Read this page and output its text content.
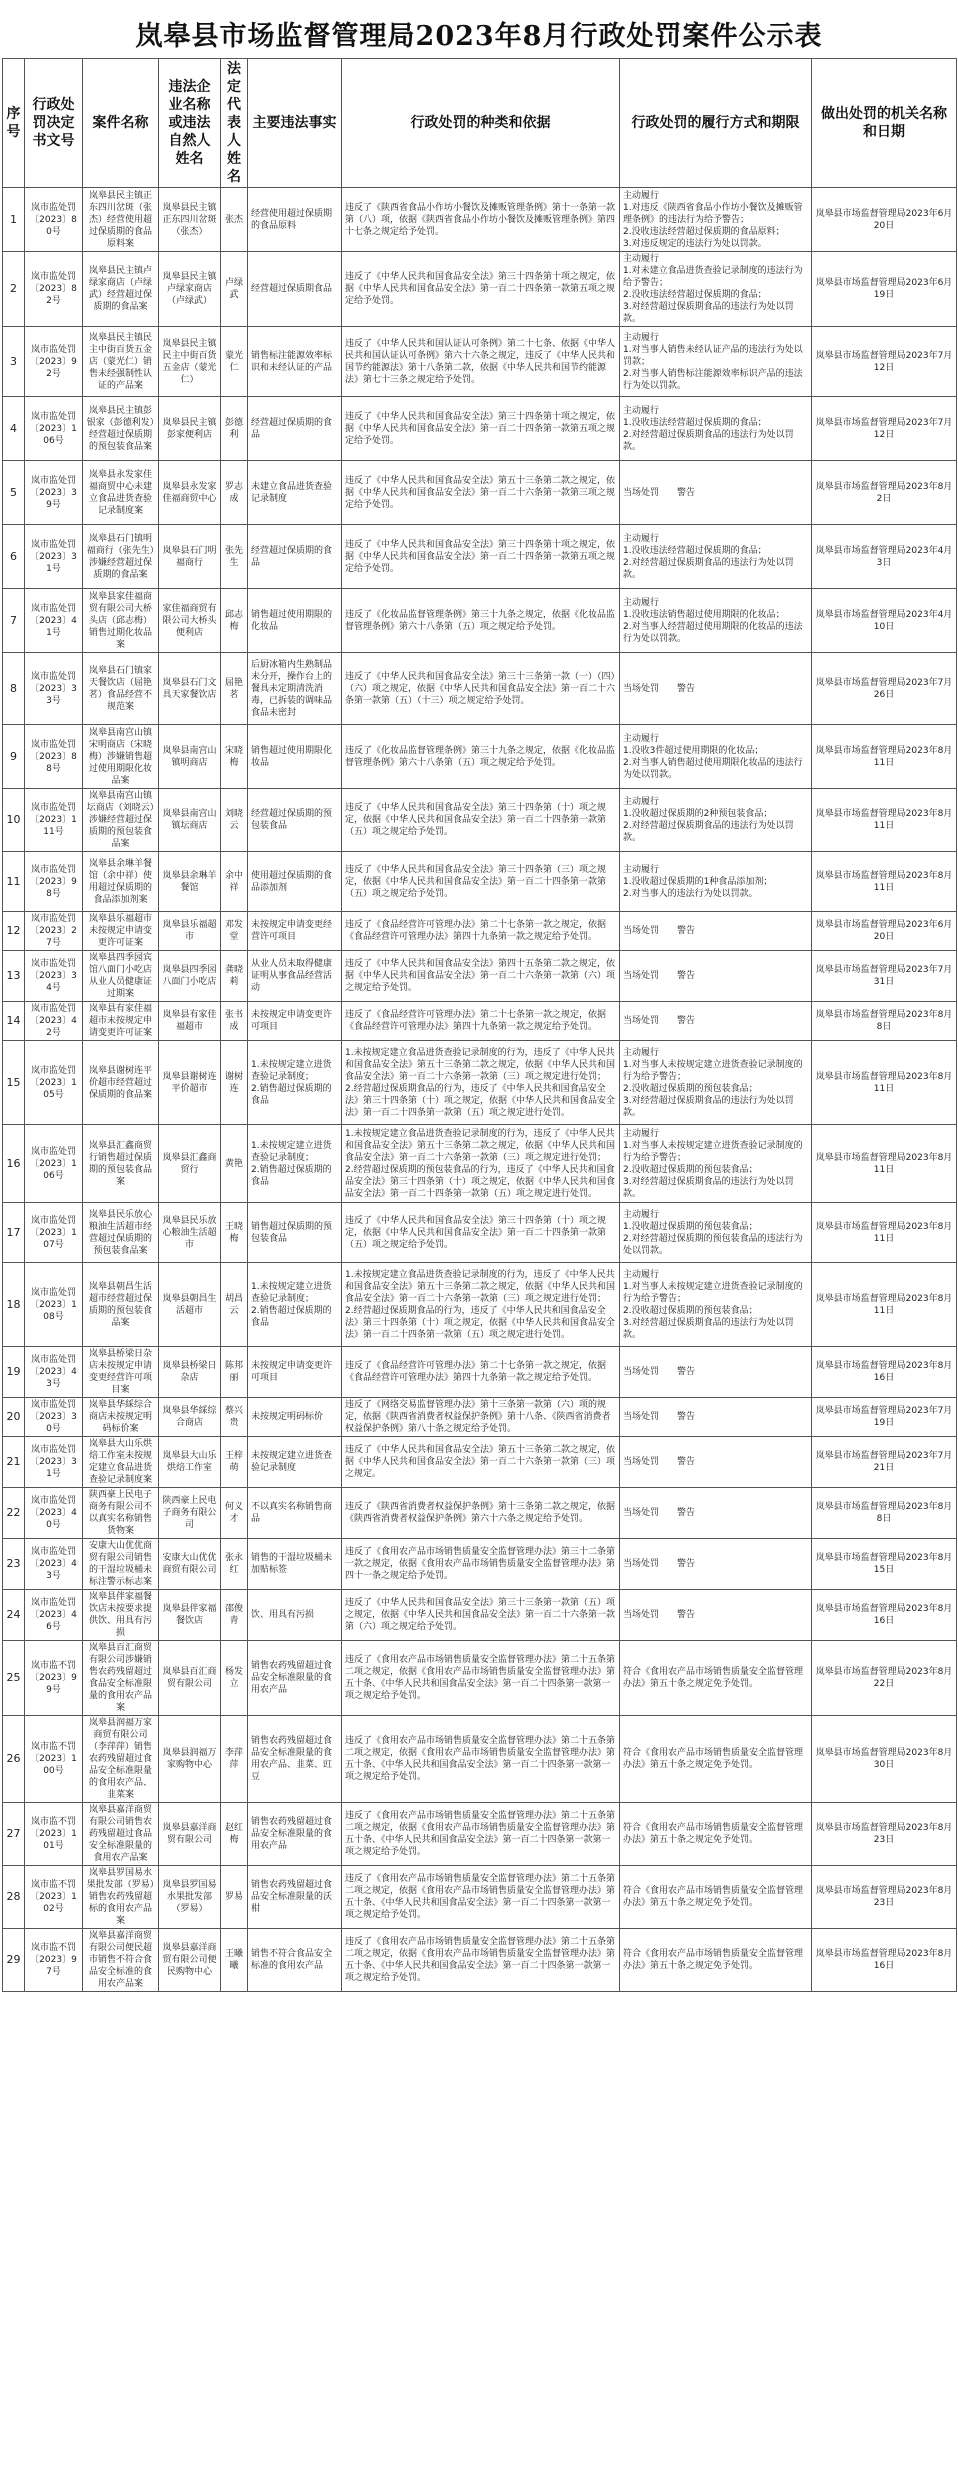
岚皋县市场监督管理局2023年8月行政处罚案件公示表
序号	行政处罚决定书文号	案件名称	违法企业名称或违法自然人姓名	法定代表人姓名	主要违法事实	行政处罚的种类和依据	行政处罚的履行方式和期限	做出处罚的机关名称和日期
1	岚市监处罚〔2023〕80号	岚皋县民主镇正东四川岔斑（张杰）经营使用超过保质期的食品原料案	岚皋县民主镇正东四川岔斑（张杰）	张杰	经营使用超过保质期的食品原料	违反了《陕西省食品小作坊小餐饮及摊贩管理条例》第十一条第一款第（八）项，依据《陕西省食品小作坊小餐饮及摊贩管理条例》第四十七条之规定给予处罚。	主动履行
1.对违反《陕西省食品小作坊小餐饮及摊贩管理条例》的违法行为给予警告；
2.没收违法经营超过保质期的食品原料；
3.对违反规定的违法行为处以罚款。	岚皋县市场监督管理局2023年6月20日
2	岚市监处罚〔2023〕82号	岚皋县民主镇卢绿家商店（卢绿武）经营超过保质期的食品案	岚皋县民主镇卢绿家商店（卢绿武）	卢绿武	经营超过保质期食品	违反了《中华人民共和国食品安全法》第三十四条第十项之规定，依据《中华人民共和国食品安全法》第一百二十四条第一款第五项之规定给予处罚。	主动履行
1.对未建立食品进货查验记录制度的违法行为给予警告；
2.没收违法经营超过保质期的食品；
3.对经营超过保质期食品的违法行为处以罚款。	岚皋县市场监督管理局2023年6月19日
3	岚市监处罚〔2023〕92号	岚皋县民主镇民主中街百货五金店（蒙光仁）销售未经强制性认证的产品案	岚皋县民主镇民主中街百货五金店（蒙光仁）	蒙光仁	销售标注能源效率标识和未经认证的产品	违反了《中华人民共和国认证认可条例》第二十七条、依据《中华人民共和国认证认可条例》第六十六条之规定，违反了《中华人民共和国节约能源法》第十八条第二款，依据《中华人民共和国节约能源法》第七十三条之规定给予处罚。	主动履行
1.对当事人销售未经认证产品的违法行为处以罚款；
2.对当事人销售标注能源效率标识产品的违法行为处以罚款。	岚皋县市场监督管理局2023年7月12日
4	岚市监处罚〔2023〕106号	岚皋县民主镇彭银家（彭德利发）经营超过保质期的预包装食品案	岚皋县民主镇彭家便利店	彭德利	经营超过保质期的食品	违反了《中华人民共和国食品安全法》第三十四条第十项之规定，依据《中华人民共和国食品安全法》第一百二十四条第一款第五项之规定给予处罚。	主动履行
1.没收违法经营超过保质期的食品；
2.对经营超过保质期食品的违法行为处以罚款。	岚皋县市场监督管理局2023年7月12日
5	岚市监处罚〔2023〕39号	岚皋县永发家佳福商贸中心未建立食品进货查验记录制度案	岚皋县永发家佳福商贸中心	罗志成	未建立食品进货查验记录制度	违反了《中华人民共和国食品安全法》第五十三条第二款之规定，依据《中华人民共和国食品安全法》第一百二十六条第一款第三项之规定给予处罚。	当场处罚　　警告	岚皋县市场监督管理局2023年8月2日
6	岚市监处罚〔2023〕31号	岚皋县石门镇明福商行（张先生）涉嫌经营超过保质期的食品案	岚皋县石门明福商行	张先生	经营超过保质期的食品	违反了《中华人民共和国食品安全法》第三十四条第十项之规定，依据《中华人民共和国食品安全法》第一百二十四条第一款第五项之规定给予处罚。	主动履行
1.没收违法经营超过保质期的食品；
2.对经营超过保质期食品的违法行为处以罚款。	岚皋县市场监督管理局2023年4月3日
7	岚市监处罚〔2023〕41号	岚皋县家佳福商贸有限公司大桥头店（邱志梅）销售过期化妆品案	家佳福商贸有限公司大桥头便利店	邱志梅	销售超过使用期限的化妆品	违反了《化妆品监督管理条例》第三十九条之规定，依据《化妆品监督管理条例》第六十八条第（五）项之规定给予处罚。	主动履行
1.没收违法销售超过使用期限的化妆品；
2.对当事人经营超过使用期限的化妆品的违法行为处以罚款。	岚皋县市场监督管理局2023年4月10日
8	岚市监处罚〔2023〕33号	岚皋县石门镇家天餐饮店（屈艳茗）食品经营不规范案	岚皋县石门文具天家餐饮店	屈艳茗	后厨冰箱内生熟制品未分开，操作台上的餐具未定期清洗消毒，已拆装的调味品食品未密封	违反了《中华人民共和国食品安全法》第三十三条第一款（一）（四）（六）项之规定，依据《中华人民共和国食品安全法》第一百二十六条第一款第（五）（十三）项之规定给予处罚。	当场处罚　　警告	岚皋县市场监督管理局2023年7月26日
9	岚市监处罚〔2023〕88号	岚皋县南宫山镇宋明商店（宋晓梅）涉嫌销售超过使用期限化妆品案	岚皋县南宫山镇明商店	宋晓梅	销售超过使用期限化妆品	违反了《化妆品监督管理条例》第三十九条之规定，依据《化妆品监督管理条例》第六十八条第（五）项之规定给予处罚。	主动履行
1.没收3件超过使用期限的化妆品；
2.对当事人销售超过使用期限化妆品的违法行为处以罚款。	岚皋县市场监督管理局2023年8月11日
10	岚市监处罚〔2023〕111号	岚皋县南宫山镇坛商店（刘晓云）涉嫌经营超过保质期的预包装食品案	岚皋县南宫山镇坛商店	刘晓云	经营超过保质期的预包装食品	违反了《中华人民共和国食品安全法》第三十四条第（十）项之规定，依据《中华人民共和国食品安全法》第一百二十四条第一款第（五）项之规定给予处罚。	主动履行
1.没收超过保质期的2种预包装食品；
2.对经营超过保质期食品的违法行为处以罚款。	岚皋县市场监督管理局2023年8月11日
11	岚市监处罚〔2023〕98号	岚皋县余琳羊餐馆（余中祥）使用超过保质期的食品添加剂案	岚皋县余琳羊餐馆	余中祥	使用超过保质期的食品添加剂	违反了《中华人民共和国食品安全法》第三十四条第（三）项之规定，依据《中华人民共和国食品安全法》第一百二十四条第一款第（五）项之规定给予处罚。	主动履行
1.没收超过保质期的1种食品添加剂；
2.对当事人的违法行为处以罚款。	岚皋县市场监督管理局2023年8月11日
12	岚市监处罚〔2023〕27号	岚皋县乐福超市未按规定申请变更许可证案	岚皋县乐福超市	邓发堂	未按规定申请变更经营许可项目	违反了《食品经营许可管理办法》第二十七条第一款之规定，依据《食品经营许可管理办法》第四十九条第一款之规定给予处罚。	当场处罚　　警告	岚皋县市场监督管理局2023年6月20日
13	岚市监处罚〔2023〕34号	岚皋县四季园宾馆八面门小吃店从业人员健康证过期案	岚皋县四季园八面门小吃店	龚晓莉	从业人员未取得健康证明从事食品经营活动	违反了《中华人民共和国食品安全法》第四十五条第二款之规定，依据《中华人民共和国食品安全法》第一百二十六条第一款第（六）项之规定给予处罚。	当场处罚　　警告	岚皋县市场监督管理局2023年7月31日
14	岚市监处罚〔2023〕42号	岚皋县有家佳福超市未按规定申请变更许可证案	岚皋县有家佳福超市	张书成	未按规定申请变更许可项目	违反了《食品经营许可管理办法》第二十七条第一款之规定，依据《食品经营许可管理办法》第四十九条第一款之规定给予处罚。	当场处罚　　警告	岚皋县市场监督管理局2023年8月8日
15	岚市监处罚〔2023〕105号	岚皋县谢树连平价超市经营超过保质期的食品案	岚皋县谢树连平价超市	谢树连	1.未按规定建立进货查验记录制度；
2.销售超过保质期的食品	1.未按规定建立食品进货查验记录制度的行为，违反了《中华人民共和国食品安全法》第五十三条第二款之规定，依据《中华人民共和国食品安全法》第一百二十六条第一款第（三）项之规定进行处罚；
2.经营超过保质期食品的行为，违反了《中华人民共和国食品安全法》第三十四条第（十）项之规定，依据《中华人民共和国食品安全法》第一百二十四条第一款第（五）项之规定进行处罚。	主动履行
1.对当事人未按规定建立进货查验记录制度的行为给予警告；
2.没收超过保质期的预包装食品；
3.对经营超过保质期食品的违法行为处以罚款。	岚皋县市场监督管理局2023年8月11日
16	岚市监处罚〔2023〕106号	岚皋县汇鑫商贸行销售超过保质期的预包装食品案	岚皋县汇鑫商贸行	黄艳	1.未按规定建立进货查验记录制度；
2.销售超过保质期的食品	1.未按规定建立食品进货查验记录制度的行为，违反了《中华人民共和国食品安全法》第五十三条第二款之规定，依据《中华人民共和国食品安全法》第一百二十六条第一款第（三）项之规定进行处罚；
2.经营超过保质期的预包装食品的行为，违反了《中华人民共和国食品安全法》第三十四条第（十）项之规定，依据《中华人民共和国食品安全法》第一百二十四条第一款第（五）项之规定进行处罚。	主动履行
1.对当事人未按规定建立进货查验记录制度的行为给予警告；
2.没收超过保质期的预包装食品；
3.对经营超过保质期食品的违法行为处以罚款。	岚皋县市场监督管理局2023年8月11日
17	岚市监处罚〔2023〕107号	岚皋县民乐放心粮油生活超市经营超过保质期的预包装食品案	岚皋县民乐放心粮油生活超市	王晓梅	销售超过保质期的预包装食品	违反了《中华人民共和国食品安全法》第三十四条第（十）项之规定，依据《中华人民共和国食品安全法》第一百二十四条第一款第（五）项之规定给予处罚。	主动履行
1.没收超过保质期的预包装食品；
2.对经营超过保质期的预包装食品的违法行为处以罚款。	岚皋县市场监督管理局2023年8月11日
18	岚市监处罚〔2023〕108号	岚皋县朝昌生活超市经营超过保质期的预包装食品案	岚皋县朝昌生活超市	胡昌云	1.未按规定建立进货查验记录制度；
2.销售超过保质期的食品	1.未按规定建立食品进货查验记录制度的行为，违反了《中华人民共和国食品安全法》第五十三条第二款之规定，依据《中华人民共和国食品安全法》第一百二十六条第一款第（三）项之规定进行处罚；
2.经营超过保质期食品的行为，违反了《中华人民共和国食品安全法》第三十四条第（十）项之规定，依据《中华人民共和国食品安全法》第一百二十四条第一款第（五）项之规定进行处罚。	主动履行
1.对当事人未按规定建立进货查验记录制度的行为给予警告；
2.没收超过保质期的预包装食品；
3.对经营超过保质期食品的违法行为处以罚款。	岚皋县市场监督管理局2023年8月11日
19	岚市监处罚〔2023〕43号	岚皋县桥梁日杂店未按规定申请变更经营许可项目案	岚皋县桥梁日杂店	陈邦丽	未按规定申请变更许可项目	违反了《食品经营许可管理办法》第二十七条第一款之规定，依据《食品经营许可管理办法》第四十九条第一款之规定给予处罚。	当场处罚　　警告	岚皋县市场监督管理局2023年8月16日
20	岚市监处罚〔2023〕30号	岚皋县华綵综合商店未按规定明码标价案	岚皋县华綵综合商店	蔡兴贵	未按规定明码标价	违反了《网络交易监督管理办法》第十三条第一款第（六）项的规定，依据《陕西省消费者权益保护条例》第十八条、《陕西省消费者权益保护条例》第八十条之规定给予处罚。	当场处罚　　警告	岚皋县市场监督管理局2023年7月19日
21	岚市监处罚〔2023〕31号	岚皋县大山乐烘焙工作室未按规定建立食品进货查验记录制度案	岚皋县大山乐烘焙工作室	王梓萌	未按规定建立进货查验记录制度	违反了《中华人民共和国食品安全法》第五十三条第二款之规定，依据《中华人民共和国食品安全法》第一百二十六条第一款第（三）项之规定。	当场处罚　　警告	岚皋县市场监督管理局2023年7月21日
22	岚市监处罚〔2023〕40号	陕西豪上民电子商务有限公司不以真实名称销售货物案	陕西豪上民电子商务有限公司	何义才	不以真实名称销售商品	违反了《陕西省消费者权益保护条例》第十三条第二款之规定，依据《陕西省消费者权益保护条例》第六十六条之规定给予处罚。	当场处罚　　警告	岚皋县市场监督管理局2023年8月8日
23	岚市监处罚〔2023〕43号	安康大山优优商贸有限公司销售的干湿垃圾桶未标注警示标志案	安康大山优优商贸有限公司	张永红	销售的干湿垃圾桶未加贴标签	违反了《食用农产品市场销售质量安全监督管理办法》第三十二条第一款之规定，依据《食用农产品市场销售质量安全监督管理办法》第四十一条之规定给予处罚。	当场处罚　　警告	岚皋县市场监督管理局2023年8月15日
24	岚市监处罚〔2023〕46号	岚皋县伴家福餐饮店未按要求提供饮、用具有污损	岚皋县伴家福餐饮店	邵俊青	饮、用具有污损	违反了《中华人民共和国食品安全法》第三十三条第一款第（五）项之规定，依据《中华人民共和国食品安全法》第一百二十六条第一款第（六）项之规定给予处罚。	当场处罚　　警告	岚皋县市场监督管理局2023年8月16日
25	岚市监不罚〔2023〕99号	岚皋县百汇商贸有限公司涉嫌销售农药残留超过食品安全标准限量的食用农产品案	岚皋县百汇商贸有限公司	杨发立	销售农药残留超过食品安全标准限量的食用农产品	违反了《食用农产品市场销售质量安全监督管理办法》第二十五条第二项之规定，依据《食用农产品市场销售质量安全监督管理办法》第五十条、《中华人民共和国食品安全法》第一百二十四条第一款第一项之规定给予处罚。	符合《食用农产品市场销售质量安全监督管理办法》第五十条之规定免予处罚。	岚皋县市场监督管理局2023年8月22日
26	岚市监不罚〔2023〕100号	岚皋县润福万家商贸有限公司（李萍萍）销售农药残留超过食品安全标准限量的食用农产品、韭菜案	岚皋县润福万家购物中心	李萍萍	销售农药残留超过食品安全标准限量的食用农产品、韭菜、豇豆	违反了《食用农产品市场销售质量安全监督管理办法》第二十五条第二项之规定，依据《食用农产品市场销售质量安全监督管理办法》第五十条、《中华人民共和国食品安全法》第一百二十四条第一款第一项之规定给予处罚。	符合《食用农产品市场销售质量安全监督管理办法》第五十条之规定免予处罚。	岚皋县市场监督管理局2023年8月30日
27	岚市监不罚〔2023〕101号	岚皋县嘉洋商贸有限公司销售农药残留超过食品安全标准限量的食用农产品案	岚皋县嘉洋商贸有限公司	赵红梅	销售农药残留超过食品安全标准限量的食用农产品	违反了《食用农产品市场销售质量安全监督管理办法》第二十五条第二项之规定，依据《食用农产品市场销售质量安全监督管理办法》第五十条、《中华人民共和国食品安全法》第一百二十四条第一款第一项之规定给予处罚。	符合《食用农产品市场销售质量安全监督管理办法》第五十条之规定免予处罚。	岚皋县市场监督管理局2023年8月23日
28	岚市监不罚〔2023〕102号	岚皋县罗国易水果批发部（罗易）销售农药残留超标的食用农产品案	岚皋县罗国易水果批发部（罗易）	罗易	销售农药残留超过食品安全标准限量的沃柑	违反了《食用农产品市场销售质量安全监督管理办法》第二十五条第二项之规定，依据《食用农产品市场销售质量安全监督管理办法》第五十条、《中华人民共和国食品安全法》第一百二十四条第一款第一项之规定给予处罚。	符合《食用农产品市场销售质量安全监督管理办法》第五十条之规定免予处罚。	岚皋县市场监督管理局2023年8月23日
29	岚市监不罚〔2023〕97号	岚皋县嘉洋商贸有限公司便民超市销售不符合食品安全标准的食用农产品案	岚皋县嘉洋商贸有限公司便民购物中心	王曦曦	销售不符合食品安全标准的食用农产品	违反了《食用农产品市场销售质量安全监督管理办法》第二十五条第二项之规定，依据《食用农产品市场销售质量安全监督管理办法》第五十条、《中华人民共和国食品安全法》第一百二十四条第一款第一项之规定给予处罚。	符合《食用农产品市场销售质量安全监督管理办法》第五十条之规定免予处罚。	岚皋县市场监督管理局2023年8月16日
